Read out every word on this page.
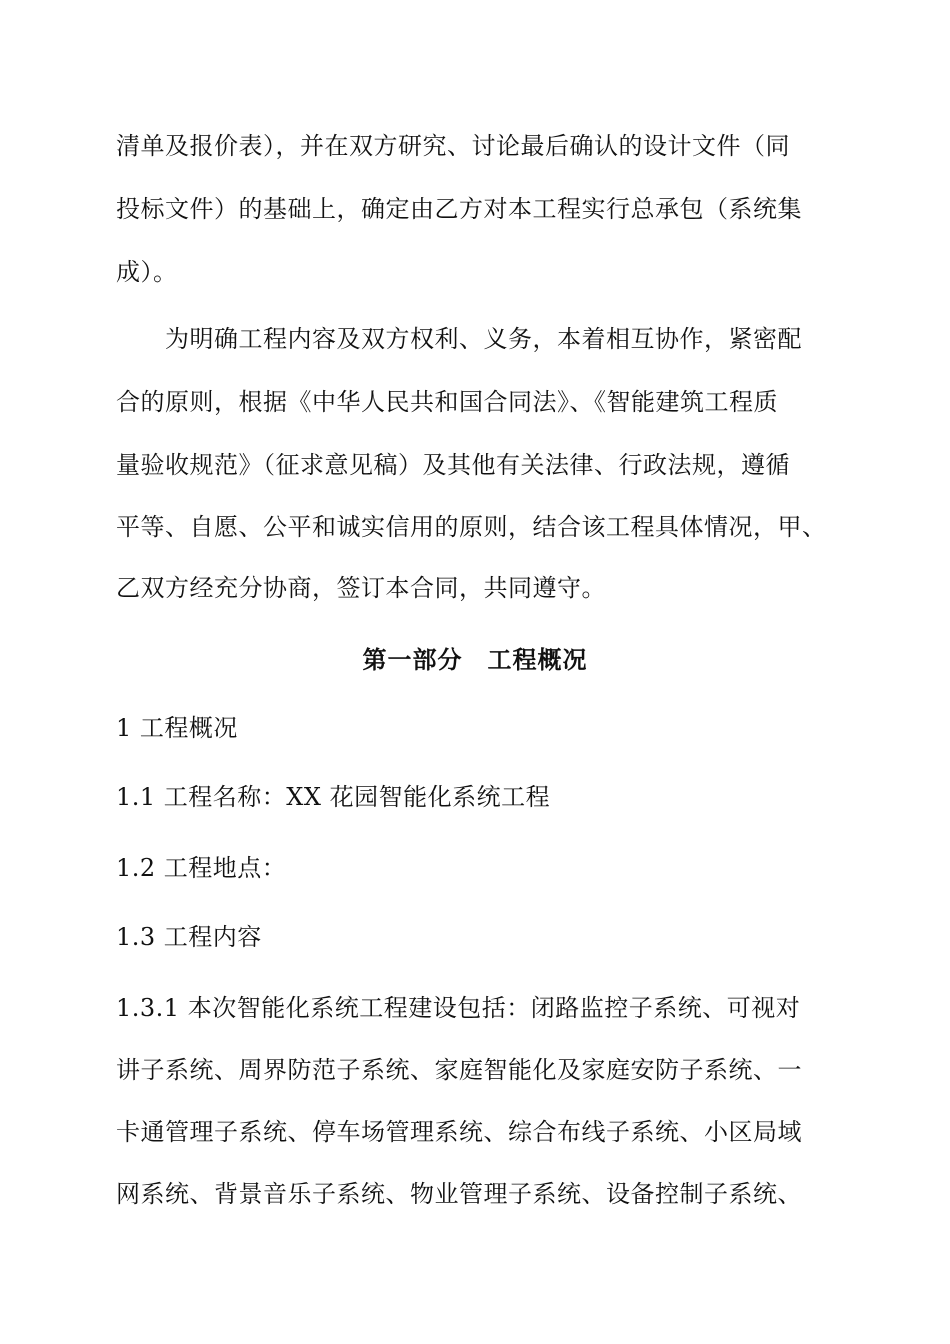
清单及报价表），并在双方研究、讨论最后确认的设计文件（同
投标文件）的基础上，确定由乙方对本工程实行总承包（系统集
成）。
为明确工程内容及双方权利、义务，本着相互协作，紧密配
合的原则，根据《中华人民共和国合同法》、《智能建筑工程质
量验收规范》（征求意见稿）及其他有关法律、行政法规，遵循
平等、自愿、公平和诚实信用的原则，结合该工程具体情况，甲、
乙双方经充分协商，签订本合同，共同遵守。
第一部分　工程概况
1 工程概况
1.1 工程名称：XX 花园智能化系统工程
1.2 工程地点：
1.3 工程内容
1.3.1 本次智能化系统工程建设包括：闭路监控子系统、可视对
讲子系统、周界防范子系统、家庭智能化及家庭安防子系统、一
卡通管理子系统、停车场管理系统、综合布线子系统、小区局域
网系统、背景音乐子系统、物业管理子系统、设备控制子系统、
